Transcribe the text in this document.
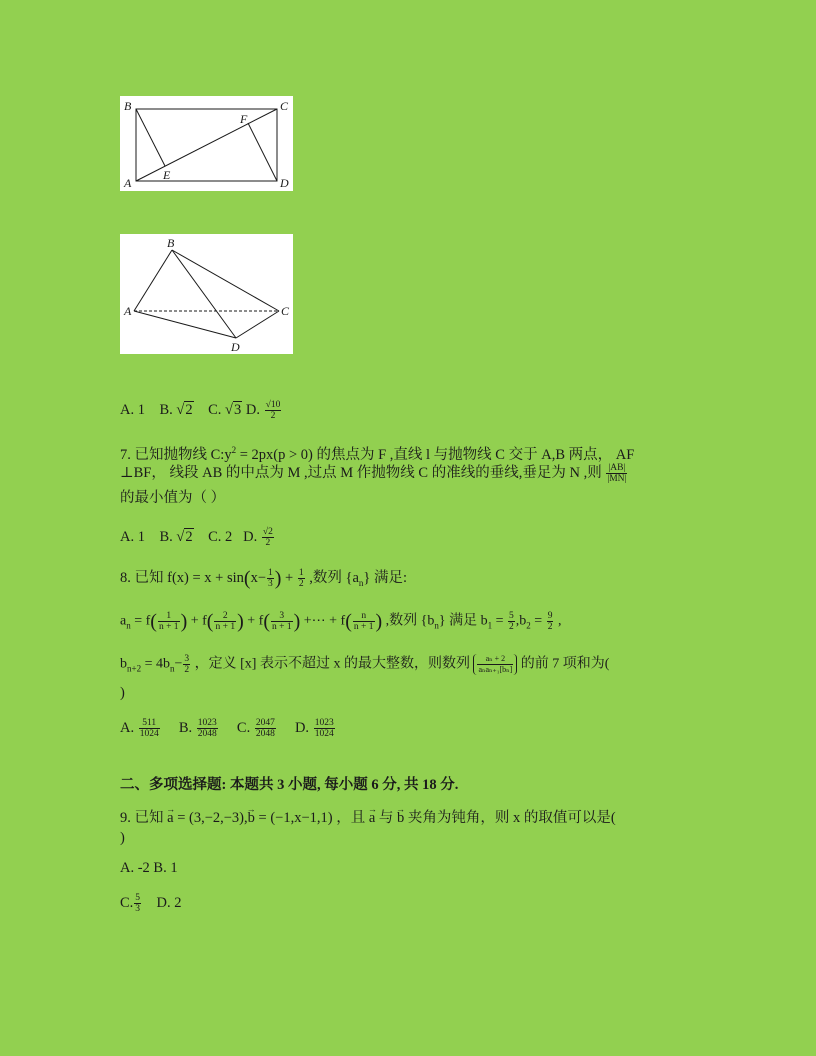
B	C
A	D
E
F
B
A	C
D
A. 1 B. √2 C. √3 D. $\frac{√10}{2}$
7. 已知抛物线 $C:y^2 = 2px(p > 0)$ 的焦点为 F ,直线 l 与抛物线 C 交于 A,B 两点， AF
⊥BF， 线段 AB 的中点为 M ,过点 M 作抛物线 C 的准线的垂线,垂足为 N ,则 $\frac{|AB|}{|MN|}$
的最小值为（ ）
A. 1 B. √2 C. 2 D. $\frac{√2}{2}$
8. 已知 $f(x) = x + \sin(x- \frac{1}{3}$ ) + $\frac{1}{2}$ ,数列 $\{a_n\}$ 满足:
$a_n = f( \frac{1}{n + 1}$ ) + $f( \frac{2}{n + 1}$ ) + $f( \frac{3}{n + 1}$ ) +⋯ + $f( \frac{n}{n + 1}$ ) ,数列 $\{b_n\}$ 满足 $b_1 = \frac{5}{2} ,b_2 = \frac{9}{2}$ ,
$b_{n+2} = 4b_n- \frac{3}{2}$ ，定义 [x] 表示不超过 x 的最大整数，则数列 $\frac{\text{aₙ + 2}}{\text{aₙaₙ₊₁[bₙ]}}$ 的前 7 项和为(
)
A. $\frac{511}{1024} B$. $\frac{1023}{2048} C$. $\frac{2047}{2048} D$. $\frac{1023}{1024}$
二、多项选择题: 本题共 3 小题, 每小题 6 分, 共 18 分.
9. 已知 → a = (3,−2,−3),→ b = (−1,x−1,1) ，且 → a 与 → b 夹角为钝角，则 x 的取值可以是(
)
A. -2 B. 1
C. $\frac{5}{3} D$. 2
